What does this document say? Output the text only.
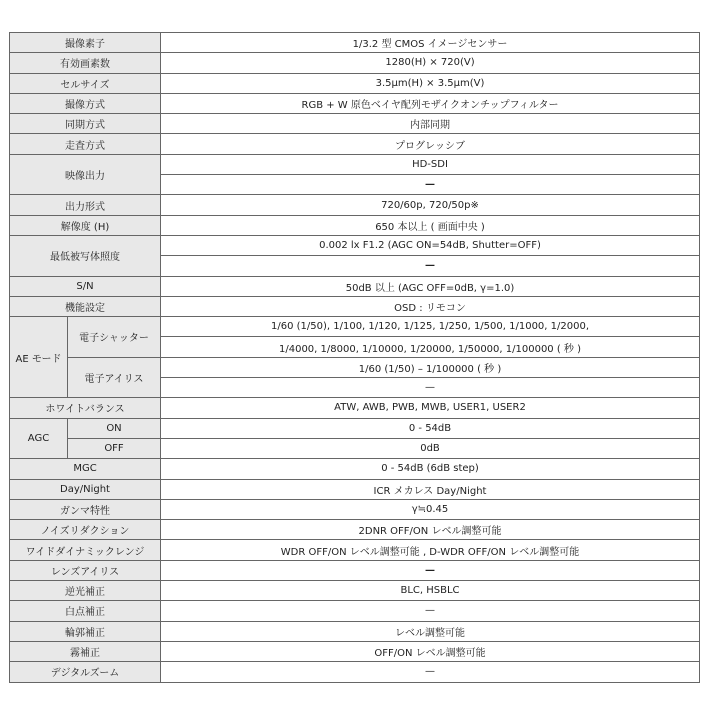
撮像素子		1/3.2 型 CMOS イメージセンサー
有効画素数		1280(H) × 720(V)
セルサイズ		3.5μm(H) × 3.5μm(V)
撮像方式		RGB + W 原色ベイヤ配列モザイクオンチップフィルター
同期方式		内部同期
走査方式		プログレッシブ
映像出力		HD-SDI
		—
出力形式		720/60p, 720/50p※
解像度 (H)		650 本以上 ( 画面中央 )
最低被写体照度		0.002 lx F1.2 (AGC ON=54dB, Shutter=OFF)
		—
S/N		50dB 以上 (AGC OFF=0dB, γ=1.0)
機能設定		OSD : リモコン
AE モード	電子シャッター	1/60 (1/50), 1/100, 1/120, 1/125, 1/250, 1/500, 1/1000, 1/2000,
		1/4000, 1/8000, 1/10000, 1/20000, 1/50000, 1/100000 ( 秒 )
	電子アイリス	1/60 (1/50) – 1/100000 ( 秒 )
		—
ホワイトバランス		ATW, AWB, PWB, MWB, USER1, USER2
AGC	ON	0 - 54dB
	OFF	0dB
MGC		0 - 54dB (6dB step)
Day/Night		ICR メカレス Day/Night
ガンマ特性		γ≒0.45
ノイズリダクション		2DNR OFF/ON レベル調整可能
ワイドダイナミックレンジ		WDR OFF/ON レベル調整可能 , D-WDR OFF/ON レベル調整可能
レンズアイリス		—
逆光補正		BLC, HSBLC
白点補正		—
輪郭補正		レベル調整可能
霧補正		OFF/ON レベル調整可能
デジタルズーム		—
